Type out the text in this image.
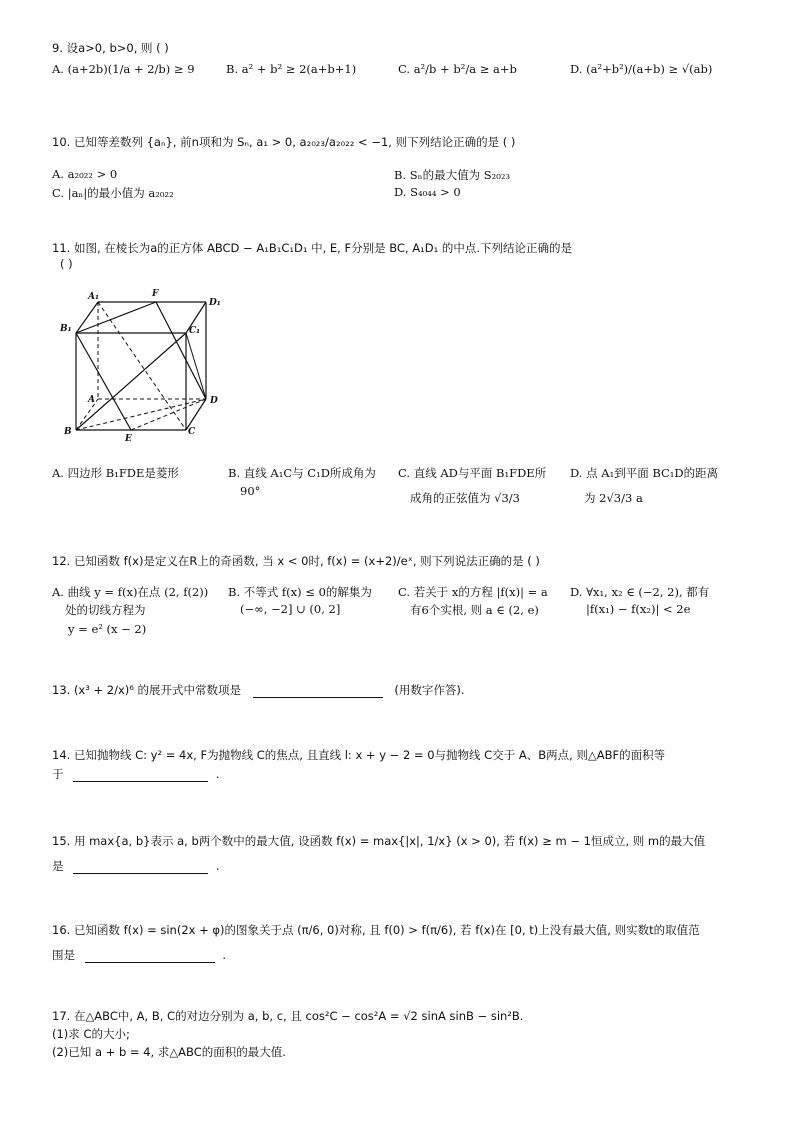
9. 设a>0, b>0, 则 ( )
A. (a+2b)(1/a + 2/b) ≥ 9	B. a² + b² ≥ 2(a+b+1)	C. a²/b + b²/a ≥ a+b	D. (a²+b²)/(a+b) ≥ √(ab)
10. 已知等差数列 {aₙ}, 前n项和为 Sₙ, a₁ > 0, a₂₀₂₃/a₂₀₂₂ < −1, 则下列结论正确的是 ( )
A. a₂₀₂₂ > 0	B. Sₙ的最大值为 S₂₀₂₃
C. |aₙ|的最小值为 a₂₀₂₂	D. S₄₀₄₄ > 0
11. 如图, 在棱长为a的正方体 ABCD − A₁B₁C₁D₁ 中, E, F分别是 BC, A₁D₁ 的中点.下列结论正确的是
( )
A₁	F
D₁
B₁	C₁
A	D
B
E
C
A. 四边形 B₁FDE是菱形	B. 直线 A₁C与 C₁D所成角为
90°
C. 直线 AD与平面 B₁FDE所
成角的正弦值为 √3/3
D. 点 A₁到平面 BC₁D的距离
为 2√3/3 a
12. 已知函数 f(x)是定义在R上的奇函数, 当 x < 0时, f(x) = (x+2)/eˣ, 则下列说法正确的是 ( )
A. 曲线 y = f(x)在点 (2, f(2))
处的切线方程为
y = e² (x − 2)
B. 不等式 f(x) ≤ 0的解集为
(−∞, −2] ∪ (0, 2]
C. 若关于 x的方程 |f(x)| = a
有6个实根, 则 a ∈ (2, e)
D. ∀x₁, x₂ ∈ (−2, 2), 都有
|f(x₁) − f(x₂)| < 2e
13. (x³ + 2/x)⁶ 的展开式中常数项是	(用数字作答).
14. 已知抛物线 C: y² = 4x, F为抛物线 C的焦点, 且直线 l: x + y − 2 = 0与抛物线 C交于 A、B两点, 则△ABF的面积等
于	.
15. 用 max{a, b}表示 a, b两个数中的最大值, 设函数 f(x) = max{|x|, 1/x} (x > 0), 若 f(x) ≥ m − 1恒成立, 则 m的最大值
是	.
16. 已知函数 f(x) = sin(2x + φ)的图象关于点 (π/6, 0)对称, 且 f(0) > f(π/6), 若 f(x)在 [0, t)上没有最大值, 则实数t的取值范
围是	.
17. 在△ABC中, A, B, C的对边分别为 a, b, c, 且 cos²C − cos²A = √2 sinA sinB − sin²B.
(1)求 C的大小;
(2)已知 a + b = 4, 求△ABC的面积的最大值.
